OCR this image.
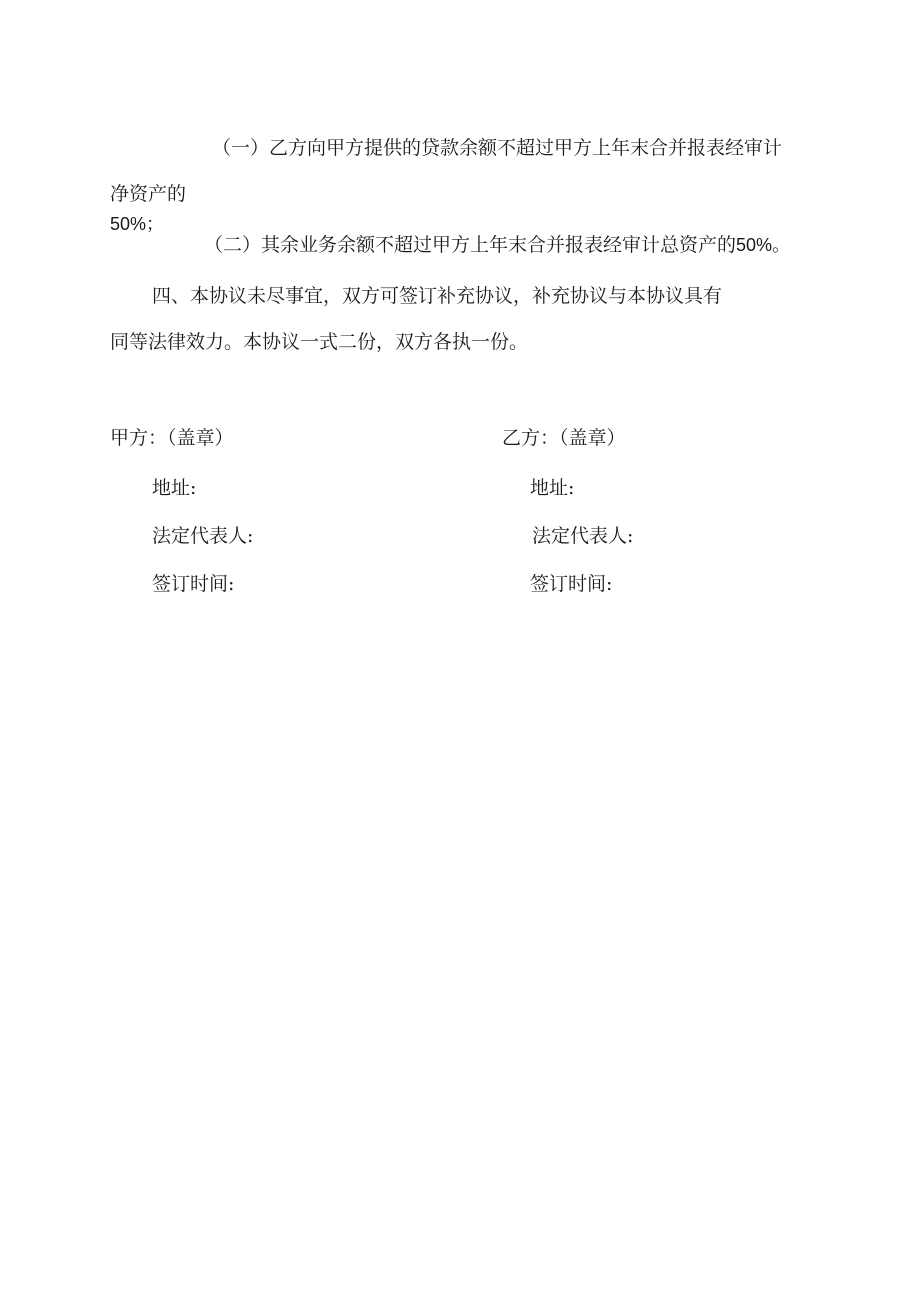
（一）乙方向甲方提供的贷款余额不超过甲方上年末合并报表经审计
净资产的
50%；
（二）其余业务余额不超过甲方上年末合并报表经审计总资产的50%。
四、本协议未尽事宜，双方可签订补充协议，补充协议与本协议具有
同等法律效力。本协议一式二份，双方各执一份。
甲方：（盖章）
地址:
法定代表人:
签订时间:
乙方：（盖章）
地址:
法定代表人:
签订时间:
